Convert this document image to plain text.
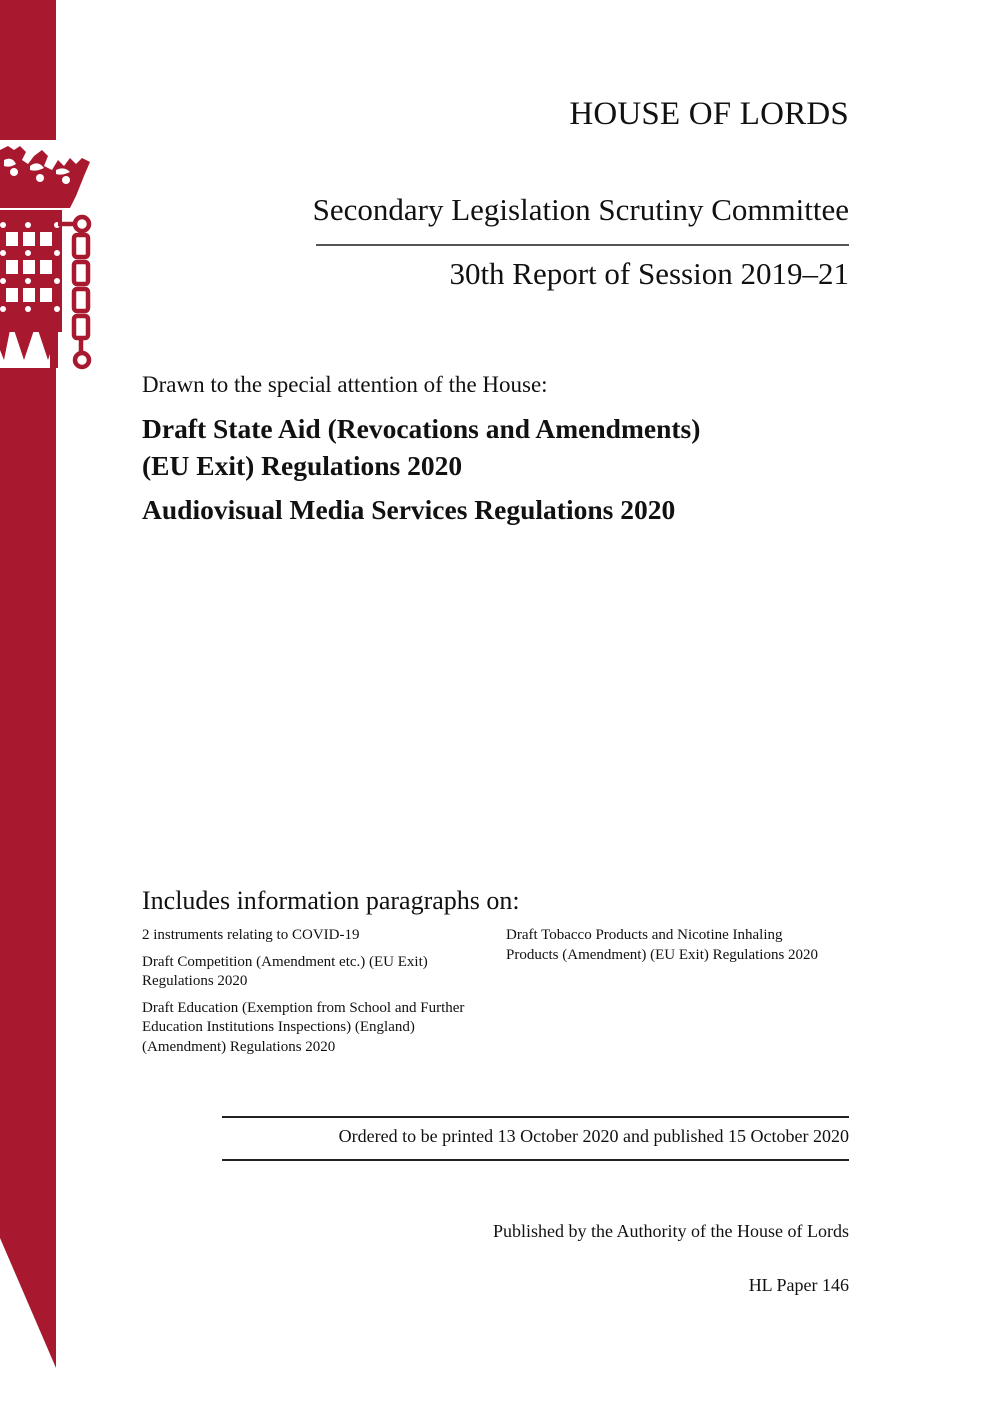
HOUSE OF LORDS
Secondary Legislation Scrutiny Committee
30th Report of Session 2019–21
Drawn to the special attention of the House:
Draft State Aid (Revocations and Amendments)
(EU Exit) Regulations 2020
Audiovisual Media Services Regulations 2020
Includes information paragraphs on:
2 instruments relating to COVID-19
Draft Competition (Amendment etc.) (EU Exit) Regulations 2020
Draft Education (Exemption from School and Further Education Institutions Inspections) (England) (Amendment) Regulations 2020
Draft Tobacco Products and Nicotine Inhaling Products (Amendment) (EU Exit) Regulations 2020
Ordered to be printed 13 October 2020 and published 15 October 2020
Published by the Authority of the House of Lords
HL Paper 146
